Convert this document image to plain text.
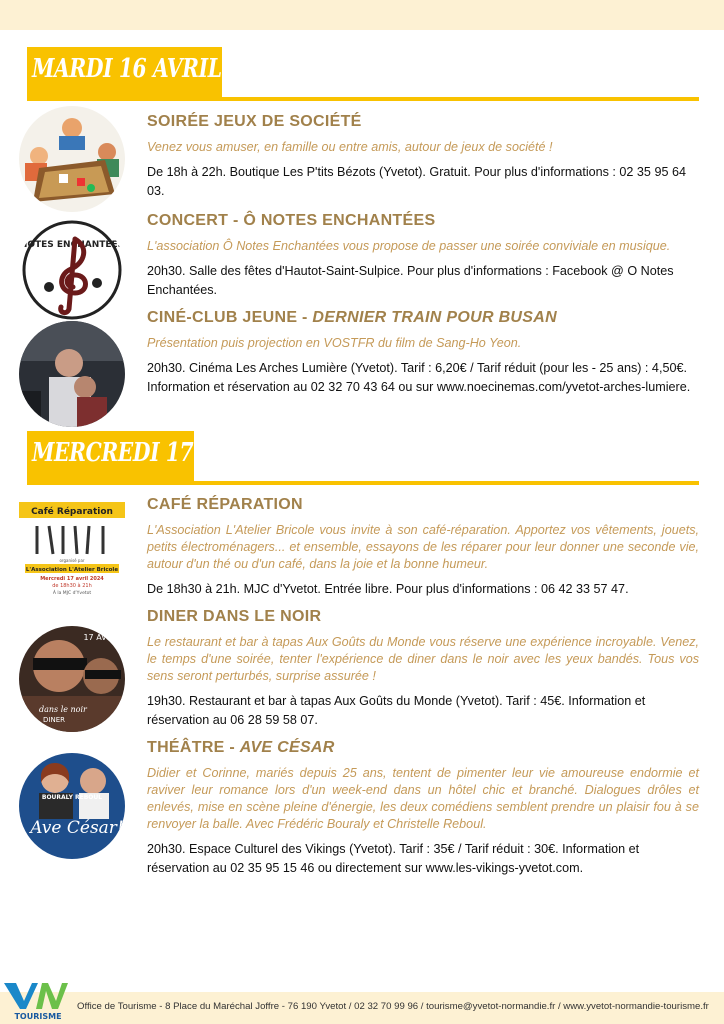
MARDI 16 AVRIL
SOIRÉE JEUX DE SOCIÉTÉ
Venez vous amuser, en famille ou entre amis, autour de jeux de société !
De 18h à 22h. Boutique Les P'tits Bézots (Yvetot). Gratuit. Pour plus d'informations : 02 35 95 64 03.
NOTES ENCHANTÉES
CONCERT - Ô NOTES ENCHANTÉES
L'association Ô Notes Enchantées vous propose de passer une soirée conviviale en musique.
20h30. Salle des fêtes d'Hautot-Saint-Sulpice. Pour plus d'informations : Facebook @ O Notes Enchantées.
CINÉ-CLUB JEUNE - DERNIER TRAIN POUR BUSAN
Présentation puis projection en VOSTFR du film de Sang-Ho Yeon.
20h30. Cinéma Les Arches Lumière (Yvetot). Tarif : 6,20€ / Tarif réduit (pour les - 25 ans) : 4,50€. Information et réservation au 02 32 70 43 64 ou sur www.noecinemas.com/yvetot-arches-lumiere.
MERCREDI 17 AVRIL
Café Réparation
organisé par
L'Association L'Atelier Bricole
Mercredi 17 avril 2024
de 18h30 à 21h
À la MJC d'Yvetot
CAFÉ RÉPARATION
L'Association L'Atelier Bricole vous invite à son café-réparation. Apportez vos vêtements, jouets, petits électroménagers... et ensemble, essayons de les réparer pour leur donner une seconde vie, autour d'un thé ou d'un café, dans la joie et la bonne humeur.
De 18h30 à 21h. MJC d'Yvetot. Entrée libre. Pour plus d'informations : 06 42 33 57 47.
17 AVRIL
dans le noir
DINER
DINER DANS LE NOIR
Le restaurant et bar à tapas Aux Goûts du Monde vous réserve une expérience incroyable. Venez, le temps d'une soirée, tenter l'expérience de diner dans le noir avec les yeux bandés. Tous vos sens seront perturbés, surprise assurée !
19h30. Restaurant et bar à tapas Aux Goûts du Monde (Yvetot). Tarif : 45€. Information et réservation au 06 28 59 58 07.
BOURALY REBOUL
Ave César!
THÉÂTRE - AVE CÉSAR
Didier et Corinne, mariés depuis 25 ans, tentent de pimenter leur vie amoureuse endormie et raviver leur romance lors d'un week-end dans un hôtel chic et branché. Dialogues drôles et enlevés, mise en scène pleine d'énergie, les deux comédiens semblent prendre un plaisir fou à se renvoyer la balle. Avec Frédéric Bouraly et Christelle Reboul.
20h30. Espace Culturel des Vikings (Yvetot). Tarif : 35€ / Tarif réduit : 30€. Information et réservation au 02 35 95 15 46 ou directement sur www.les-vikings-yvetot.com.
Office de Tourisme - 8 Place du Maréchal Joffre - 76 190 Yvetot / 02 32 70 99 96 / tourisme@yvetot-normandie.fr / www.yvetot-normandie-tourisme.fr
TOURISME
